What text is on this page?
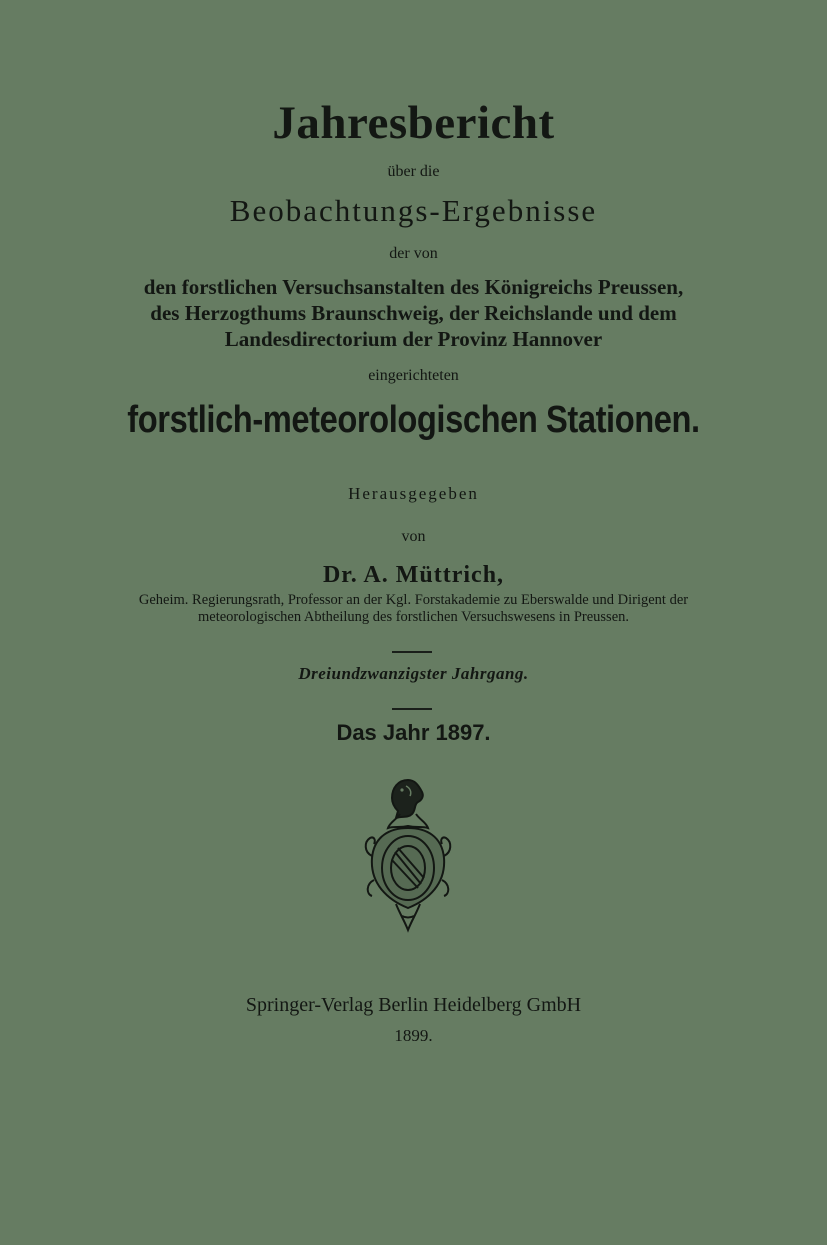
Jahresbericht
über die
Beobachtungs-Ergebnisse
der von
den forstlichen Versuchsanstalten des Königreichs Preussen,
des Herzogthums Braunschweig, der Reichslande und dem
Landesdirectorium der Provinz Hannover
eingerichteten
forstlich-meteorologischen Stationen.
Herausgegeben
von
Dr. A. Müttrich,
Geheim. Regierungsrath, Professor an der Kgl. Forstakademie zu Eberswalde und Dirigent der
meteorologischen Abtheilung des forstlichen Versuchswesens in Preussen.
Dreiundzwanzigster Jahrgang.
Das Jahr 1897.
Springer-Verlag Berlin Heidelberg GmbH
1899.
